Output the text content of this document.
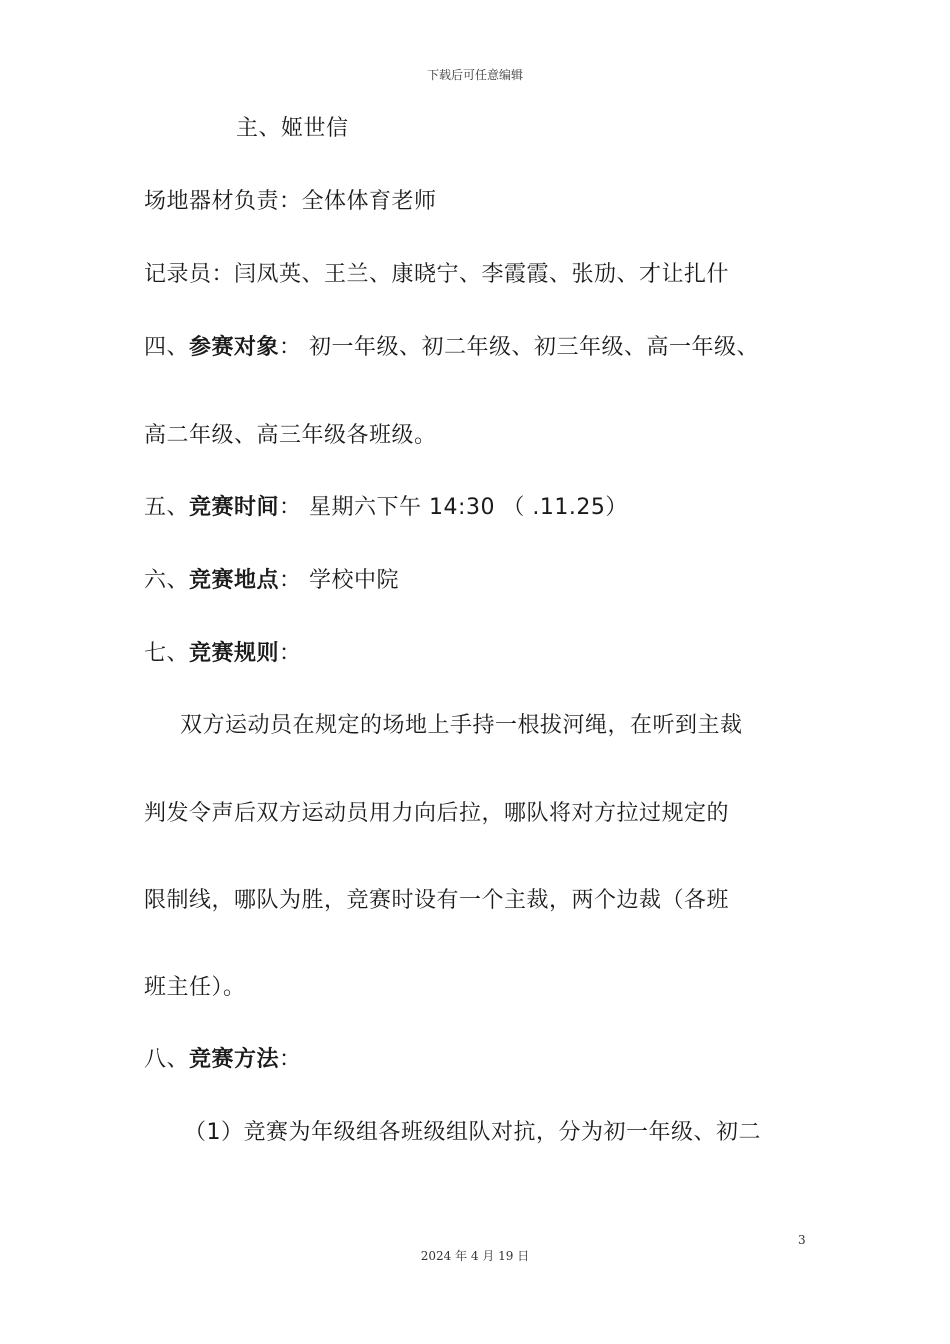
下载后可任意编辑
主、姬世信
场地器材负责：全体体育老师
记录员：闫凤英、王兰、康晓宁、李霞霞、张劢、才让扎什
四、参赛对象： 初一年级、初二年级、初三年级、高一年级、
高二年级、高三年级各班级。
五、竞赛时间： 星期六下午 14:30 （ .11.25）
六、竞赛地点： 学校中院
七、竞赛规则：
双方运动员在规定的场地上手持一根拔河绳，在听到主裁
判发令声后双方运动员用力向后拉，哪队将对方拉过规定的
限制线，哪队为胜，竞赛时设有一个主裁，两个边裁（各班
班主任）。
八、竞赛方法：
（1）竞赛为年级组各班级组队对抗，分为初一年级、初二
3
2024 年 4 月 19 日
